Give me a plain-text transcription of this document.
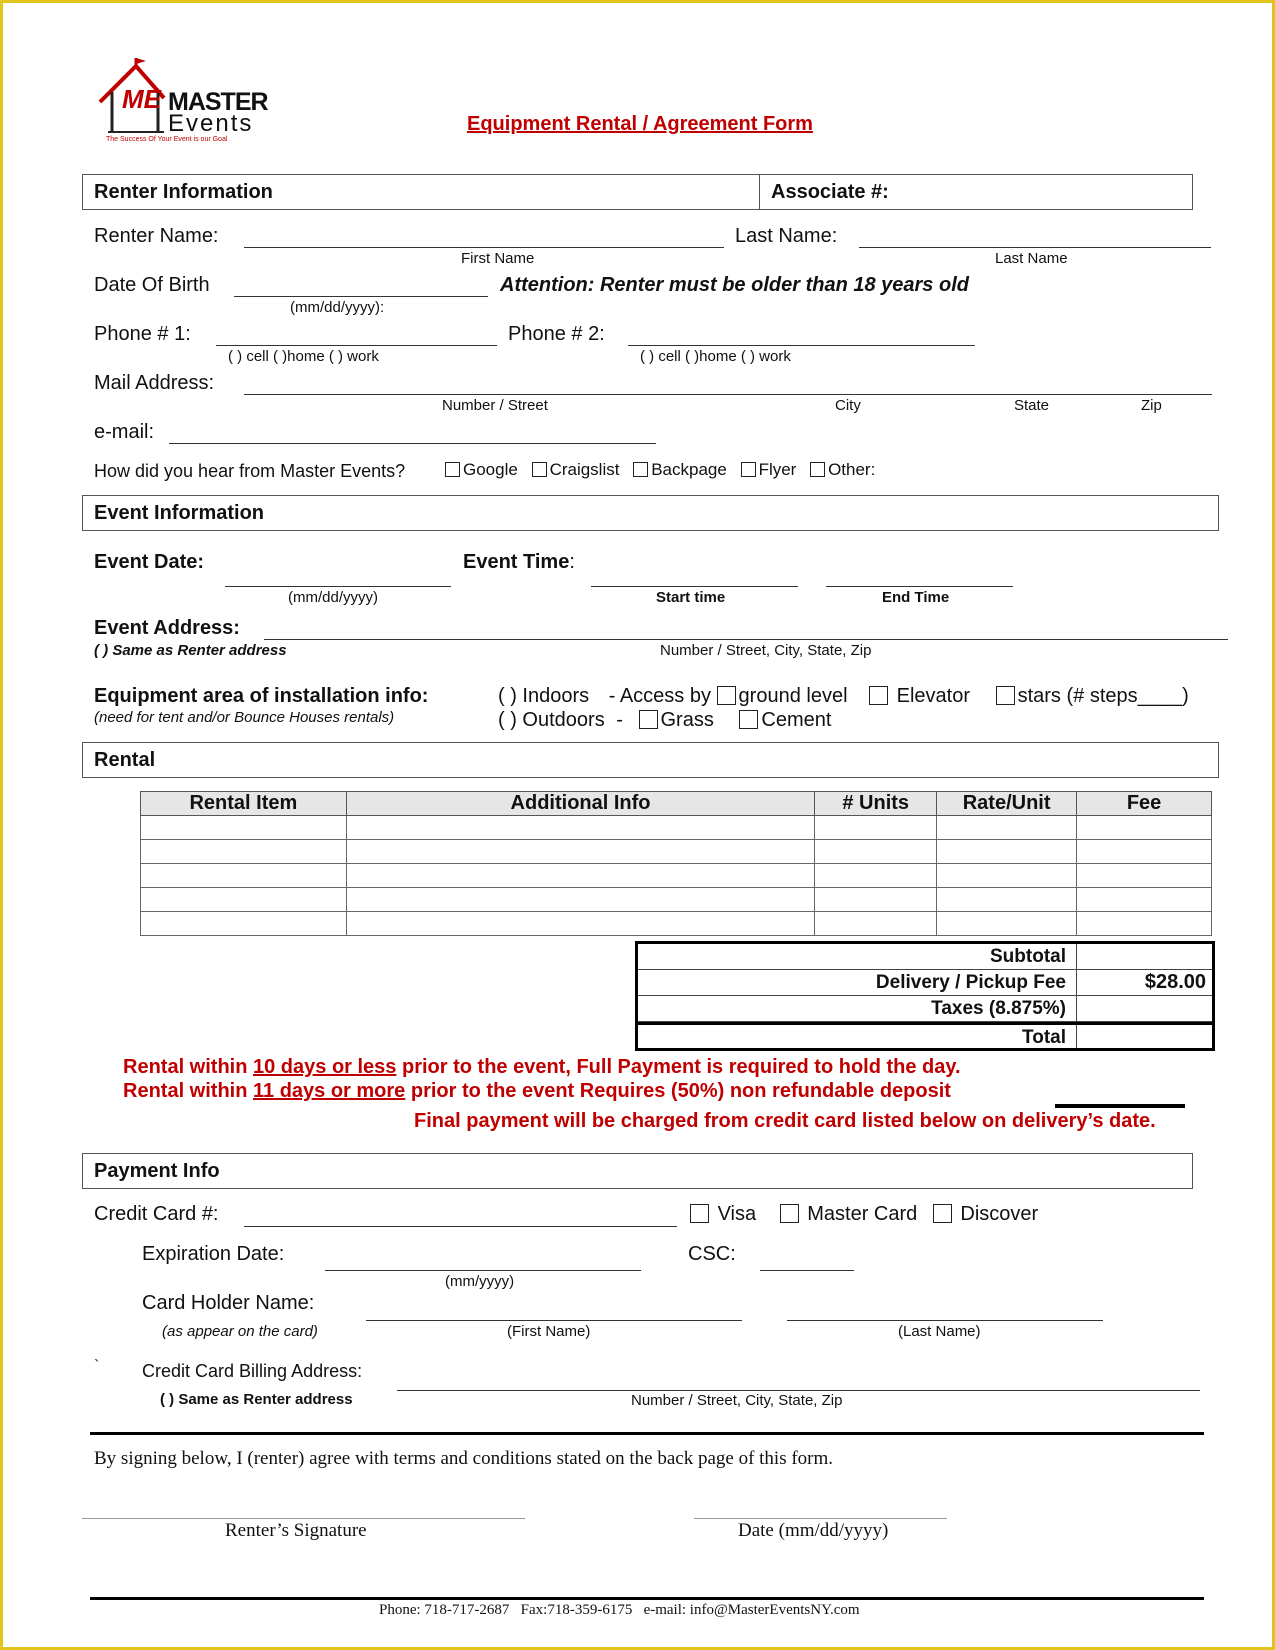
ME MASTER
Events
The Success Of Your Event is our Goal
Equipment Rental / Agreement Form
Renter Information	Associate #:
Renter Name:
First Name
Last Name:
Last Name
Date Of Birth
(mm/dd/yyyy):
Attention: Renter must be older than 18 years old
Phone # 1:
( ) cell ( )home ( ) work
Phone # 2:
( ) cell ( )home ( ) work
Mail Address:
Number / Street	City	State	Zip
e-mail:
How did you hear from Master Events?	Google Craigslist Backpage Flyer Other:
Event Information
Event Date:
(mm/dd/yyyy)
Event Time:
Start time	End Time
Event Address:
( ) Same as Renter address	Number / Street, City, State, Zip
Equipment area of installation info:
(need for tent and/or Bounce Houses rentals)
( ) Indoors - Access by ground level Elevator stars (# steps____)
( ) Outdoors - Grass Cement
Rental
Rental Item	Additional Info	# Units	Rate/Unit	Fee

Subtotal
Delivery / Pickup Fee	$28.00
Taxes (8.875%)
Total
Rental within 10 days or less prior to the event, Full Payment is required to hold the day.
Rental within 11 days or more prior to the event Requires (50%) non refundable deposit
Final payment will be charged from credit card listed below on delivery’s date.
Payment Info
Credit Card #:	Visa	Master Card Discover
Expiration Date:
(mm/yyyy)
CSC:
Card Holder Name:
(as appear on the card)	(First Name)	(Last Name)
` Credit Card Billing Address:
( ) Same as Renter address	Number / Street, City, State, Zip
By signing below, I (renter) agree with terms and conditions stated on the back page of this form.
Renter’s Signature	Date (mm/dd/yyyy)
Phone: 718-717-2687   Fax:718-359-6175   e-mail: info@MasterEventsNY.com
